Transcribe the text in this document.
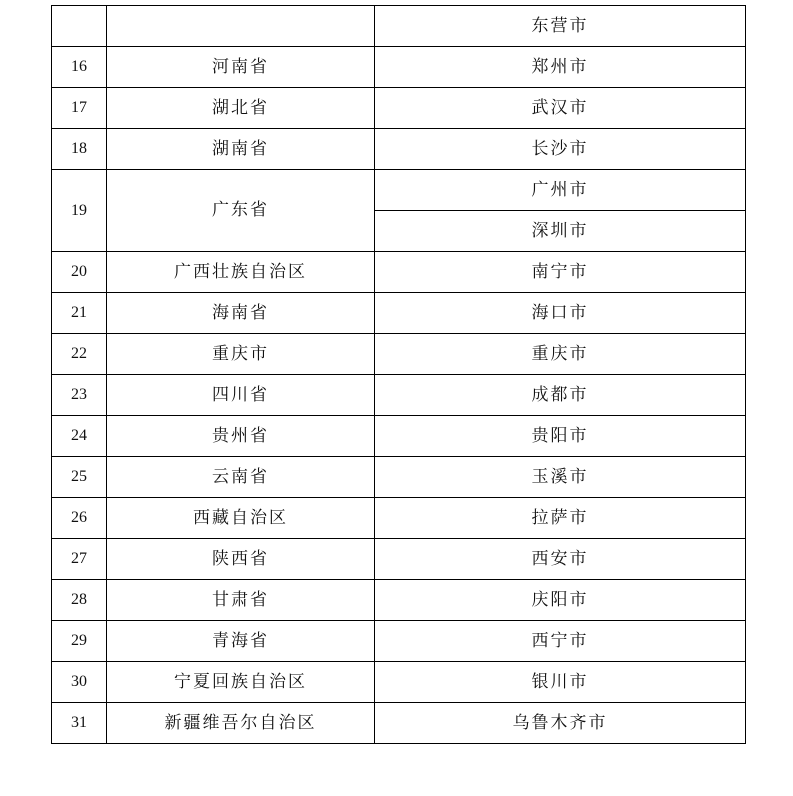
		东营市
16	河南省	郑州市
17	湖北省	武汉市
18	湖南省	长沙市
19	广东省	广州市
		深圳市
20	广西壮族自治区	南宁市
21	海南省	海口市
22	重庆市	重庆市
23	四川省	成都市
24	贵州省	贵阳市
25	云南省	玉溪市
26	西藏自治区	拉萨市
27	陕西省	西安市
28	甘肃省	庆阳市
29	青海省	西宁市
30	宁夏回族自治区	银川市
31	新疆维吾尔自治区	乌鲁木齐市
